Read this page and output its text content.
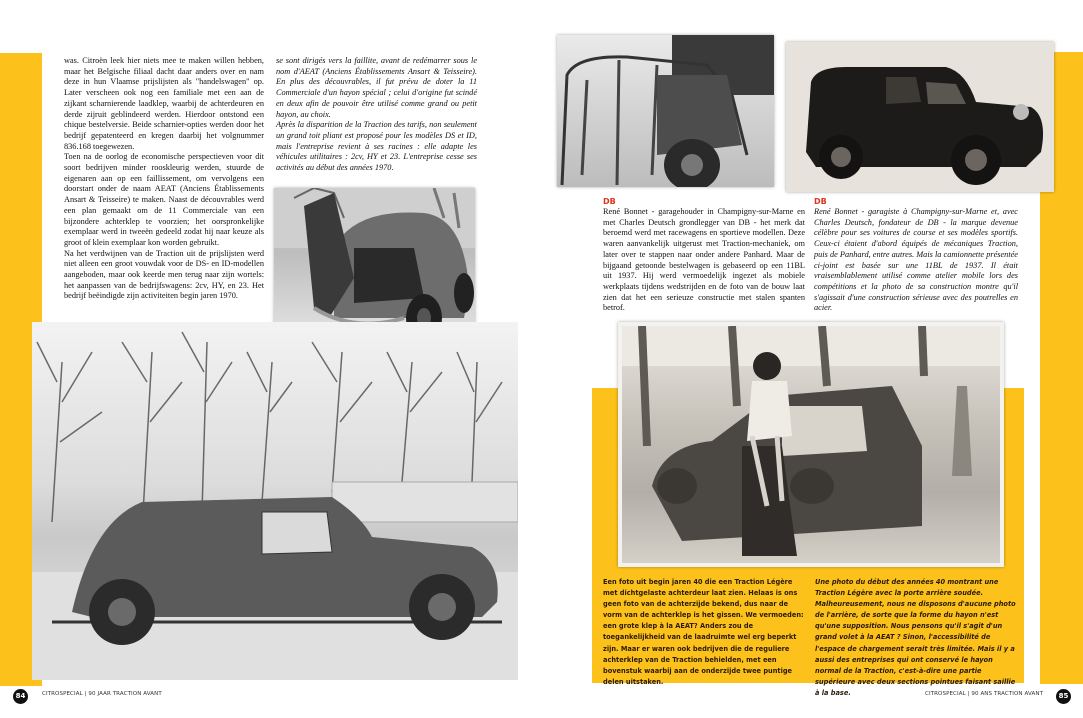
was. Citroën leek hier niets mee te maken willen hebben, maar het Belgische filiaal dacht daar anders over en nam deze in hun Vlaamse prijslijsten als "handelswagen" op. Later verscheen ook nog een familiale met een aan de zijkant scharnierende laadklep, waarbij de achterdeuren en derde zijruit geblindeerd werden. Hierdoor ontstond een chique bestelversie. Beide scharnier-opties werden door het bedrijf gepatenteerd en kregen daarbij het volgnummer 836.168 toegewezen.

Toen na de oorlog de economische perspectieven voor dit soort bedrijven minder rooskleurig werden, stuurde de eigenaren aan op een faillissement, om vervolgens een doorstart onder de naam AEAT (Anciens Établissements Ansart & Teisseire) te maken. Naast de découvrables werd een plan gemaakt om de 11 Commerciale van een bijzondere achterklep te voorzien; het oorspronkelijke exemplaar werd in tweeën gedeeld zodat hij naar keuze als groot of klein exemplaar kon worden gebruikt.

Na het verdwijnen van de Traction uit de prijslijsten werd niet alleen een groot vouwdak voor de DS- en ID-modellen aangeboden, maar ook keerde men terug naar zijn wortels: het aanpassen van de bedrijfswagens: 2cv, HY, en 23. Het bedrijf beëindigde zijn activiteiten begin jaren 1970.

se sont dirigés vers la faillite, avant de redémarrer sous le nom d'AEAT (Anciens Établissements Ansart & Teisseire). En plus des découvrables, il fut prévu de doter la 11 Commerciale d'un hayon spécial ; celui d'origine fut scindé en deux afin de pouvoir être utilisé comme grand ou petit hayon, au choix.

Après la disparition de la Traction des tarifs, non seulement un grand toit pliant est proposé pour les modèles DS et ID, mais l'entreprise revient à ses racines : elle adapte les véhicules utilitaires : 2cv, HY et 23. L'entreprise cesse ses activités au début des années 1970.

DB

René Bonnet - garagehouder in Champigny-sur-Marne en met Charles Deutsch grondlegger van DB - het merk dat beroemd werd met racewagens en sportieve modellen. Deze waren aanvankelijk uitgerust met Traction-mechaniek, om later over te stappen naar onder andere Panhard. Maar de bijgaand getoonde bestelwagen is gebaseerd op een 11BL uit 1937. Hij werd vermoedelijk ingezet als mobiele werkplaats tijdens wedstrijden en de foto van de bouw laat zien dat het een serieuze constructie met stalen spanten betrof.

DB

René Bonnet - garagiste à Champigny-sur-Marne et, avec Charles Deutsch, fondateur de DB - la marque devenue célèbre pour ses voitures de course et ses modèles sportifs. Ceux-ci étaient d'abord équipés de mécaniques Traction, puis de Panhard, entre autres. Mais la camionnette présentée ci-joint est basée sur une 11BL de 1937. Il était vraisemblablement utilisé comme atelier mobile lors des compétitions et la photo de sa construction montre qu'il s'agissait d'une construction sérieuse avec des poutrelles en acier.

Een foto uit begin jaren 40 die een Traction Légère met dichtgelaste achterdeur laat zien. Helaas is ons geen foto van de achterzijde bekend, dus naar de vorm van de achterklep is het gissen. We vermoeden: een grote klep à la AEAT? Anders zou de toegankelijkheid van de laadruimte wel erg beperkt zijn. Maar er waren ook bedrijven die de reguliere achterklep van de Traction behielden, met een bovenstuk waarbij aan de onderzijde twee puntige delen uitstaken.
Une photo du début des années 40 montrant une Traction Légère avec la porte arrière soudée. Malheureusement, nous ne disposons d'aucune photo de l'arrière, de sorte que la forme du hayon n'est qu'une supposition. Nous pensons qu'il s'agit d'un grand volet à la AEAT ? Sinon, l'accessibilité de l'espace de chargement serait très limitée. Mais il y a aussi des entreprises qui ont conservé le hayon normal de la Traction, c'est-à-dire une partie supérieure avec deux sections pointues faisant saillie à la base.
84	CITROSPECIAL | 90 JAAR TRACTION AVANT	CITROSPECIAL | 90 ANS TRACTION AVANT	85
